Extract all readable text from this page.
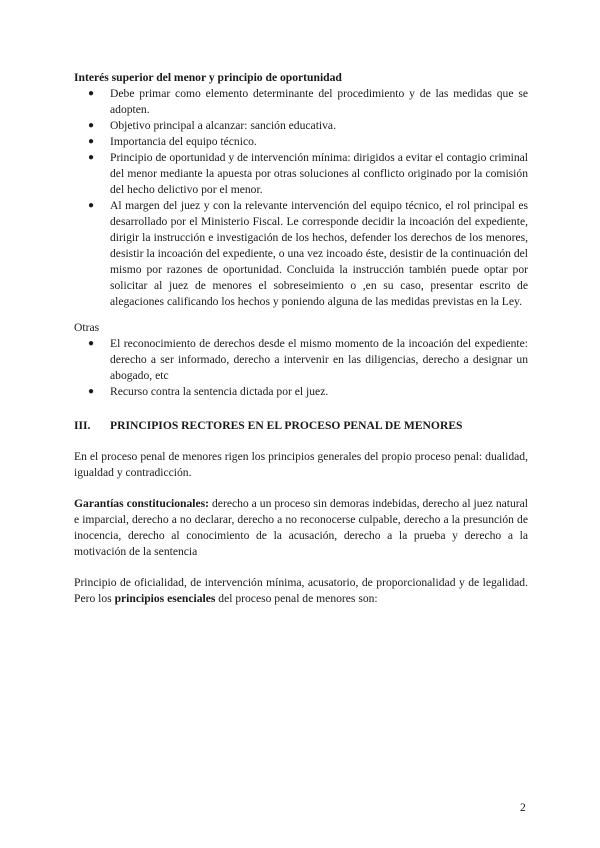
Interés superior del menor y principio de oportunidad

● Debe primar como elemento determinante del procedimiento y de las medidas que se adopten.
● Objetivo principal a alcanzar: sanción educativa.
● Importancia del equipo técnico.
● Principio de oportunidad y de intervención mínima: dirigidos a evitar el contagio criminal del menor mediante la apuesta por otras soluciones al conflicto originado por la comisión del hecho delictivo por el menor.
● Al margen del juez y con la relevante intervención del equipo técnico, el rol principal es desarrollado por el Ministerio Fiscal. Le corresponde decidir la incoación del expediente, dirigir la instrucción e investigación de los hechos, defender los derechos de los menores, desistir la incoación del expediente, o una vez incoado éste, desistir de la continuación del mismo por razones de oportunidad. Concluida la instrucción también puede optar por solicitar al juez de menores el sobreseimiento o ,en su caso, presentar escrito de alegaciones calificando los hechos y poniendo alguna de las medidas previstas en la Ley.

Otras

● El reconocimiento de derechos desde el mismo momento de la incoación del expediente: derecho a ser informado, derecho a intervenir en las diligencias, derecho a designar un abogado, etc
● Recurso contra la sentencia dictada por el juez.
III.	PRINCIPIOS RECTORES EN EL PROCESO PENAL DE MENORES

En el proceso penal de menores rigen los principios generales del propio proceso penal: dualidad, igualdad y contradicción.

Garantías constitucionales: derecho a un proceso sin demoras indebidas, derecho al juez natural e imparcial, derecho a no declarar, derecho a no reconocerse culpable, derecho a la presunción de inocencia, derecho al conocimiento de la acusación, derecho a la prueba y derecho a la motivación de la sentencia

Principio de oficialidad, de intervención mínima, acusatorio, de proporcionalidad y de legalidad. Pero los principios esenciales del proceso penal de menores son:

2
